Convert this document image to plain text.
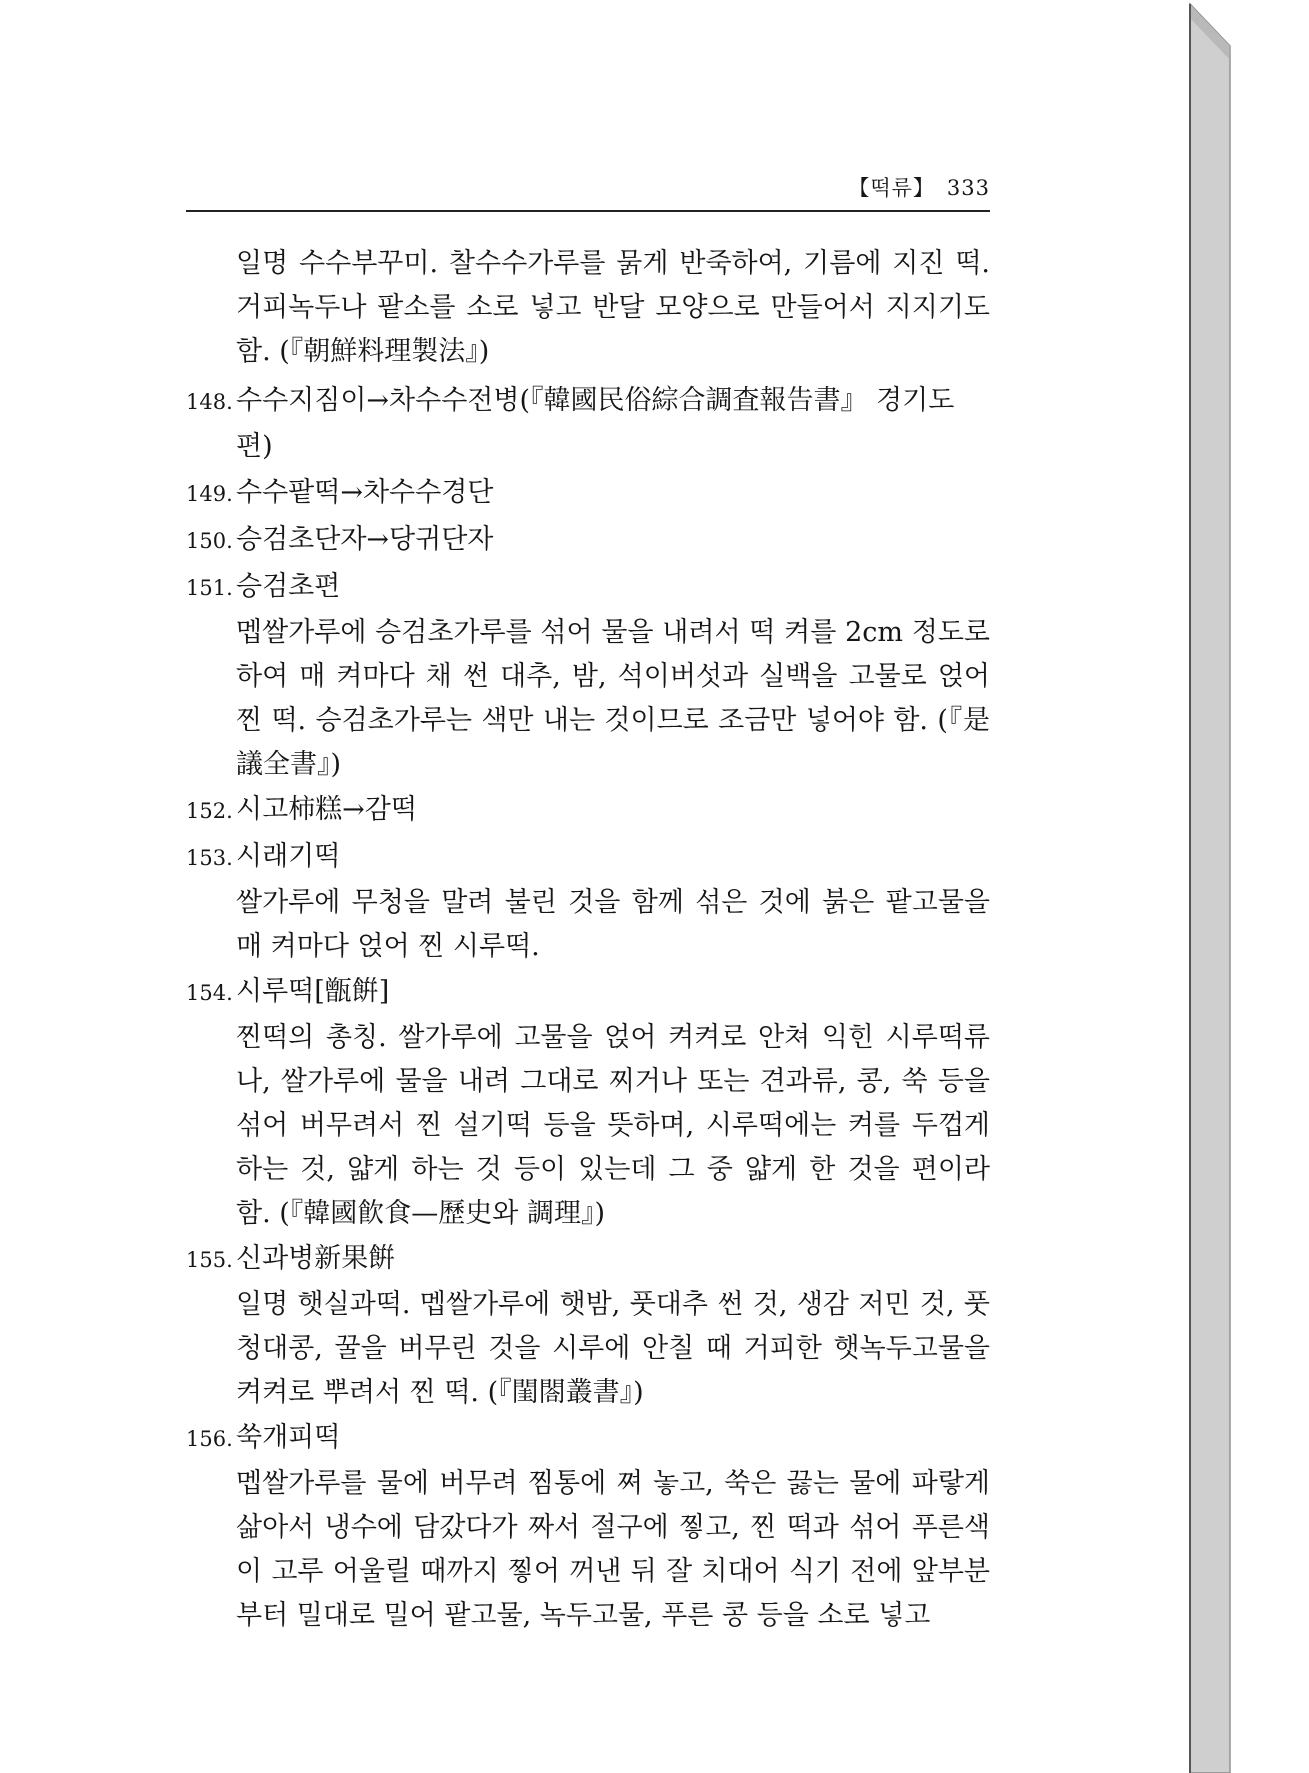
【떡류】 333

일명 수수부꾸미. 찰수수가루를 묽게 반죽하여, 기름에 지진 떡. 거피녹두나 팥소를 소로 넣고 반달 모양으로 만들어서 지지기도 함. (『朝鮮料理製法』)

148. 수수지짐이→차수수전병(『韓國民俗綜合調査報告書』 경기도편)

149. 수수팥떡→차수수경단

150. 승검초단자→당귀단자

151. 승검초편

멥쌀가루에 승검초가루를 섞어 물을 내려서 떡 켜를 2cm 정도로 하여 매 켜마다 채 썬 대추, 밤, 석이버섯과 실백을 고물로 얹어 찐 떡. 승검초가루는 색만 내는 것이므로 조금만 넣어야 함. (『是議全書』)

152. 시고柿糕→감떡

153. 시래기떡

쌀가루에 무청을 말려 불린 것을 함께 섞은 것에 붉은 팥고물을 매 켜마다 얹어 찐 시루떡.

154. 시루떡[甑餠]

찐떡의 총칭. 쌀가루에 고물을 얹어 켜켜로 안쳐 익힌 시루떡류나, 쌀가루에 물을 내려 그대로 찌거나 또는 견과류, 콩, 쑥 등을 섞어 버무려서 찐 설기떡 등을 뜻하며, 시루떡에는 켜를 두껍게 하는 것, 얇게 하는 것 등이 있는데 그 중 얇게 한 것을 편이라 함. (『韓國飮食—歷史와 調理』)

155. 신과병新果餠

일명 햇실과떡. 멥쌀가루에 햇밤, 풋대추 썬 것, 생감 저민 것, 풋청대콩, 꿀을 버무린 것을 시루에 안칠 때 거피한 햇녹두고물을 켜켜로 뿌려서 찐 떡. (『閨閤叢書』)

156. 쑥개피떡

멥쌀가루를 물에 버무려 찜통에 쪄 놓고, 쑥은 끓는 물에 파랗게 삶아서 냉수에 담갔다가 짜서 절구에 찧고, 찐 떡과 섞어 푸른색이 고루 어울릴 때까지 찧어 꺼낸 뒤 잘 치대어 식기 전에 앞부분부터 밀대로 밀어 팥고물, 녹두고물, 푸른 콩 등을 소로 넣고
